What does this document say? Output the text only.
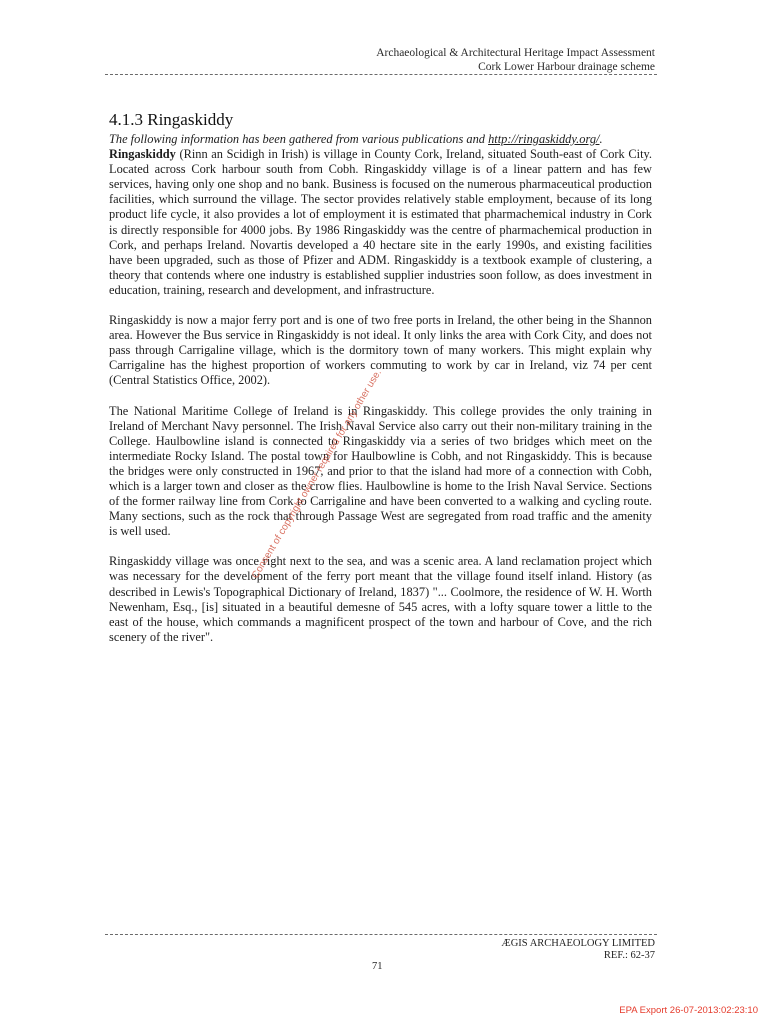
Archaeological & Architectural Heritage Impact Assessment
Cork Lower Harbour drainage scheme
4.1.3 Ringaskiddy

The following information has been gathered from various publications and http://ringaskiddy.org/.
Ringaskiddy (Rinn an Scidigh in Irish) is village in County Cork, Ireland, situated South-east of Cork City. Located across Cork harbour south from Cobh. Ringaskiddy village is of a linear pattern and has few services, having only one shop and no bank. Business is focused on the numerous pharmaceutical production facilities, which surround the village. The sector provides relatively stable employment, because of its long product life cycle, it also provides a lot of employment it is estimated that pharmachemical industry in Cork is directly responsible for 4000 jobs. By 1986 Ringaskiddy was the centre of pharmachemical production in Cork, and perhaps Ireland. Novartis developed a 40 hectare site in the early 1990s, and existing facilities have been upgraded, such as those of Pfizer and ADM. Ringaskiddy is a textbook example of clustering, a theory that contends where one industry is established supplier industries soon follow, as does investment in education, training, research and development, and infrastructure.

Ringaskiddy is now a major ferry port and is one of two free ports in Ireland, the other being in the Shannon area. However the Bus service in Ringaskiddy is not ideal. It only links the area with Cork City, and does not pass through Carrigaline village, which is the dormitory town of many workers. This might explain why Carrigaline has the highest proportion of workers commuting to work by car in Ireland, viz 74 per cent (Central Statistics Office, 2002).

The National Maritime College of Ireland is in Ringaskiddy. This college provides the only training in Ireland of Merchant Navy personnel. The Irish Naval Service also carry out their non-military training in the College. Haulbowline island is connected to Ringaskiddy via a series of two bridges which meet on the intermediate Rocky Island. The postal town for Haulbowline is Cobh, and not Ringaskiddy. This is because the bridges were only constructed in 1967, and prior to that the island had more of a connection with Cobh, which is a larger town and closer as the crow flies. Haulbowline is home to the Irish Naval Service. Sections of the former railway line from Cork to Carrigaline and have been converted to a walking and cycling route. Many sections, such as the rock that through Passage West are segregated from road traffic and the amenity is well used.

Ringaskiddy village was once right next to the sea, and was a scenic area. A land reclamation project which was necessary for the development of the ferry port meant that the village found itself inland. History (as described in Lewis's Topographical Dictionary of Ireland, 1837) "... Coolmore, the residence of W. H. Worth Newenham, Esq., [is] situated in a beautiful demesne of 545 acres, with a lofty square tower a little to the east of the house, which commands a magnificent prospect of the town and harbour of Cove, and the rich scenery of the river".

Consent of copyright owner required for any other use.
ÆGIS ARCHAEOLOGY LIMITED
REF.: 62-37
71
EPA Export 26-07-2013:02:23:10
